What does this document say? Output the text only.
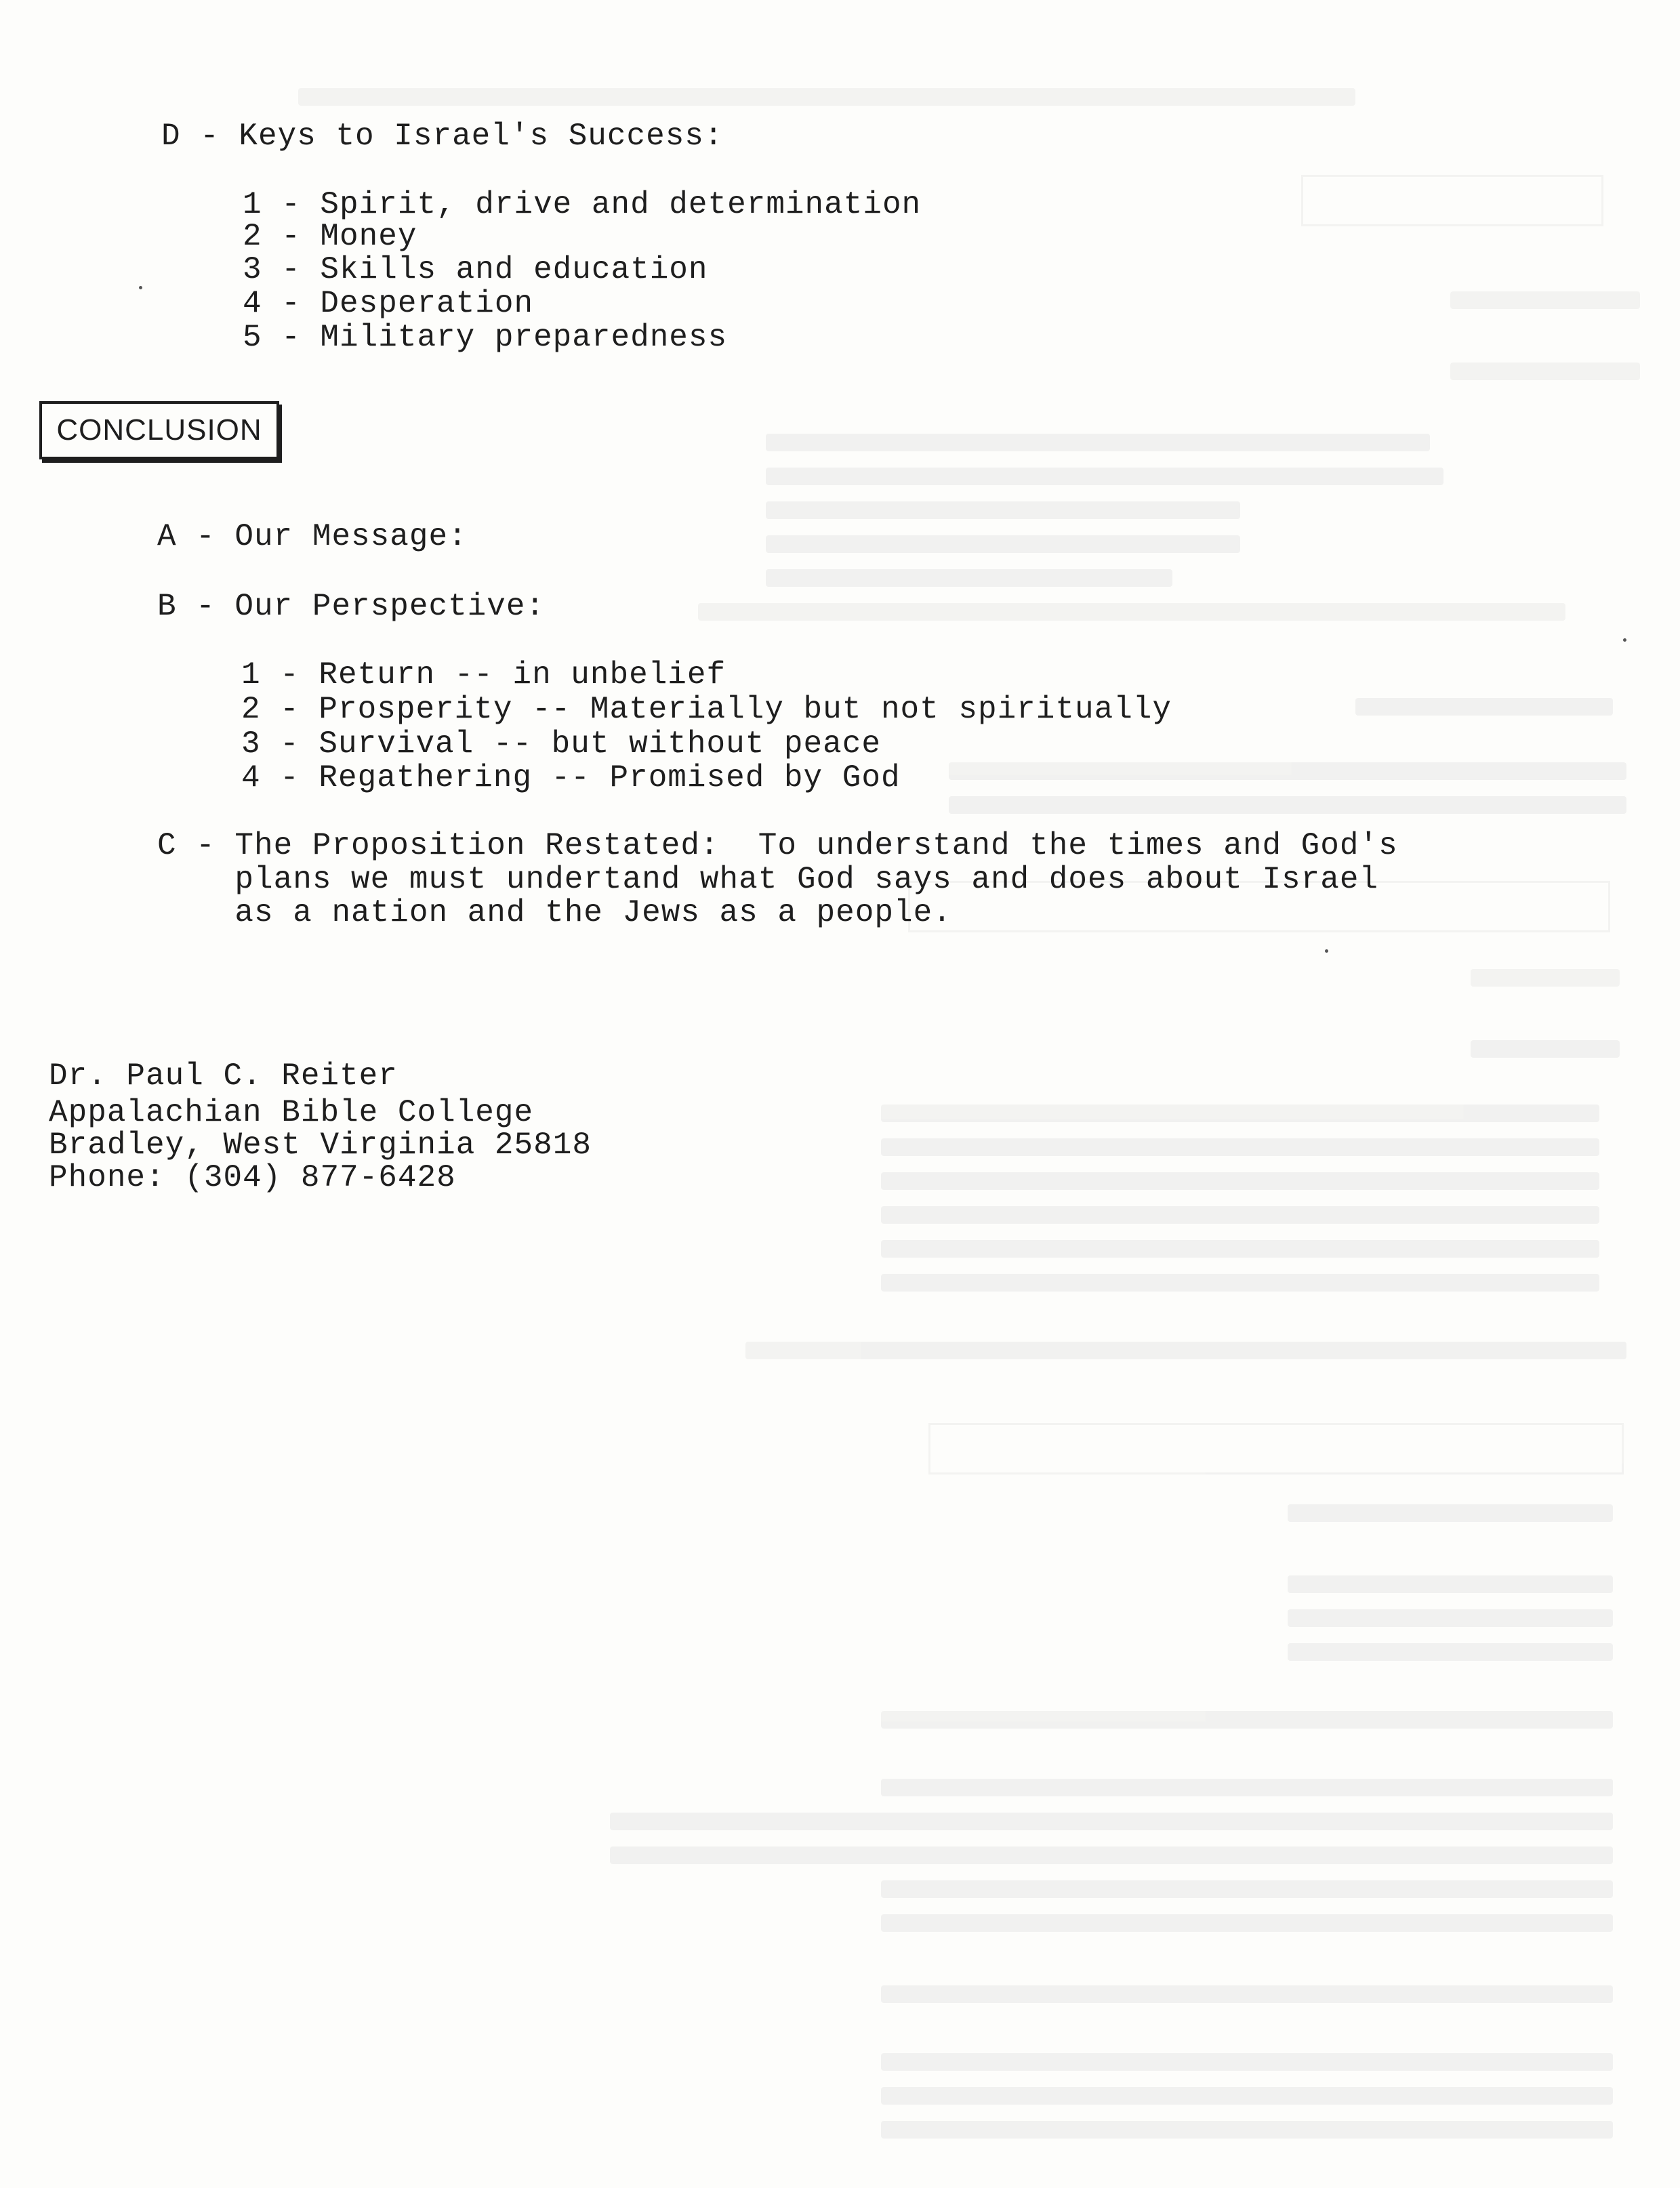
D - Keys to Israel's Success:
1 - Spirit, drive and determination
2 - Money
3 - Skills and education
4 - Desperation
5 - Military preparedness
CONCLUSION
A - Our Message:
B - Our Perspective:
1 - Return -- in unbelief
2 - Prosperity -- Materially but not spiritually
3 - Survival -- but without peace
4 - Regathering -- Promised by God
C - The Proposition Restated:  To understand the times and God's
plans we must undertand what God says and does about Israel
as a nation and the Jews as a people.
Dr. Paul C. Reiter
Appalachian Bible College
Bradley, West Virginia 25818
Phone: (304) 877-6428
